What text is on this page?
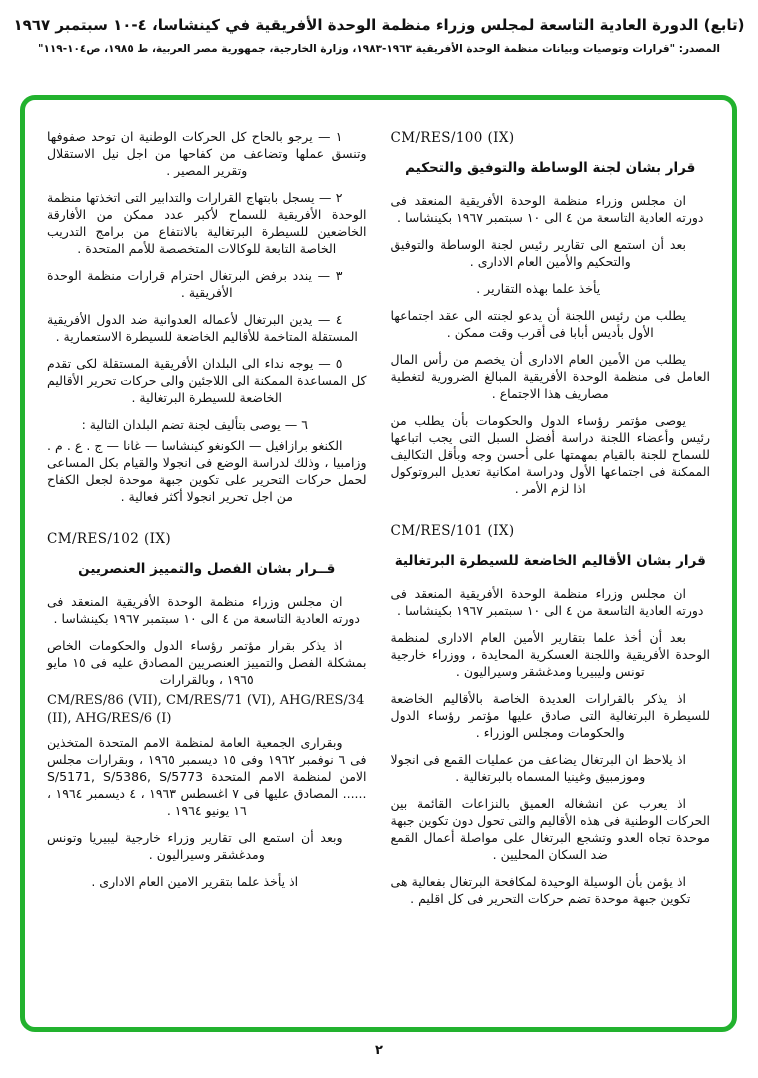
(تابع) الدورة العادية التاسعة لمجلس وزراء منظمة الوحدة الأفريقية في كينشاسا، ٤-١٠ سبتمبر ١٩٦٧
المصدر: "قرارات وتوصيات وبيانات منظمة الوحدة الأفريقية ١٩٦٣-١٩٨٣، وزارة الخارجية، جمهورية مصر العربية، ط ١٩٨٥، ص١٠٤-١١٩"
CM/RES/100 (IX)
قرار بشان لجنة الوساطة والتوفيق والتحكيم

ان مجلس وزراء منظمة الوحدة الأفريقية المنعقد فى دورته العادية التاسعة من ٤ الى ١٠ سبتمبر ١٩٦٧ بكينشاسا .

بعد أن استمع الى تقارير رئيس لجنة الوساطة والتوفيق والتحكيم والأمين العام الادارى .

يأخذ علما بهذه التقارير .

يطلب من رئيس اللجنة أن يدعو لجنته الى عقد اجتماعها الأول بأديس أبابا فى أقرب وقت ممكن .

يطلب من الأمين العام الادارى أن يخصم من رأس المال العامل فى منظمة الوحدة الأفريقية المبالغ الضرورية لتغطية مصاريف هذا الاجتماع .

يوصى مؤتمر رؤساء الدول والحكومات بأن يطلب من رئيس وأعضاء اللجنة دراسة أفضل السبل التى يجب اتباعها للسماح للجنة بالقيام بمهمتها على أحسن وجه وبأقل التكاليف الممكنة فى اجتماعها الأول ودراسة امكانية تعديل البروتوكول اذا لزم الأمر .

CM/RES/101 (IX)
قرار بشان الأقاليم الخاضعة للسيطرة البرتغالية

ان مجلس وزراء منظمة الوحدة الأفريقية المنعقد فى دورته العادية التاسعة من ٤ الى ١٠ سبتمبر ١٩٦٧ بكينشاسا .

بعد أن أخذ علما بتقارير الأمين العام الادارى لمنظمة الوحدة الأفريقية واللجنة العسكرية المحايدة ، ووزراء خارجية تونس وليبيريا ومدغشقر وسيراليون .

اذ يذكر بالقرارات العديدة الخاصة بالأقاليم الخاضعة للسيطرة البرتغالية التى صادق عليها مؤتمر رؤساء الدول والحكومات ومجلس الوزراء .

اذ يلاحظ ان البرتغال يضاعف من عمليات القمع فى انجولا وموزمبيق وغينيا المسماه بالبرتغالية .

اذ يعرب عن انشغاله العميق بالنزاعات القائمة بين الحركات الوطنية فى هذه الأقاليم والتى تحول دون تكوين جبهة موحدة تجاه العدو وتشجع البرتغال على مواصلة أعمال القمع ضد السكان المحليين .

اذ يؤمن بأن الوسيلة الوحيدة لمكافحة البرتغال بفعالية هى تكوين جبهة موحدة تضم حركات التحرير فى كل اقليم .

١ — يرجو بالحاح كل الحركات الوطنية ان توحد صفوفها وتنسق عملها وتضاعف من كفاحها من اجل نيل الاستقلال وتقرير المصير .

٢ — يسجل بابتهاج القرارات والتدابير التى اتخذتها منظمة الوحدة الأفريقية للسماح لأكبر عدد ممكن من الأفارقة الخاضعين للسيطرة البرتغالية بالانتفاع من برامج التدريب الخاصة التابعة للوكالات المتخصصة للأمم المتحدة .

٣ — يندد برفض البرتغال احترام قرارات منظمة الوحدة الأفريقية .

٤ — يدين البرتغال لأعماله العدوانية ضد الدول الأفريقية المستقلة المتاخمة للأقاليم الخاضعة للسيطرة الاستعمارية .

٥ — يوجه نداء الى البلدان الأفريقية المستقلة لكى تقدم كل المساعدة الممكنة الى اللاجئين والى حركات تحرير الأقاليم الخاضعة للسيطرة البرتغالية .

٦ — يوصى بتأليف لجنة تضم البلدان التالية :

الكنغو برازافيل — الكونغو كينشاسا — غانا — ج . ع . م . وزامبيا ، وذلك لدراسة الوضع فى انجولا والقيام بكل المساعى لحمل حركات التحرير على تكوين جبهة موحدة لجعل الكفاح من اجل تحرير انجولا أكثر فعالية .

CM/RES/102 (IX)
قــرار بشان الفصل والتمييز العنصريين

ان مجلس وزراء منظمة الوحدة الأفريقية المنعقد فى دورته العادية التاسعة من ٤ الى ١٠ سبتمبر ١٩٦٧ بكينشاسا .

اذ يذكر بقرار مؤتمر رؤساء الدول والحكومات الخاص بمشكلة الفصل والتمييز العنصريين المصادق عليه فى ١٥ مايو ١٩٦٥ ، وبالقرارات

CM/RES/86 (VII), CM/RES/71 (VI), AHG/RES/34 (II), AHG/RES/6 (I)

وبقرارى الجمعية العامة لمنظمة الامم المتحدة المتخذين فى ٦ نوفمبر ١٩٦٢ وفى ١٥ ديسمبر ١٩٦٥ ، وبقرارات مجلس الامن لمنظمة الامم المتحدة S/5171, S/5386, S/5773 ...... المصادق عليها فى ٧ اغسطس ١٩٦٣ ، ٤ ديسمبر ١٩٦٤ ، ١٦ يونيو ١٩٦٤ .

وبعد أن استمع الى تقارير وزراء خارجية ليبيريا وتونس ومدغشقر وسيراليون .

اذ يأخذ علما بتقرير الامين العام الادارى .

٢
